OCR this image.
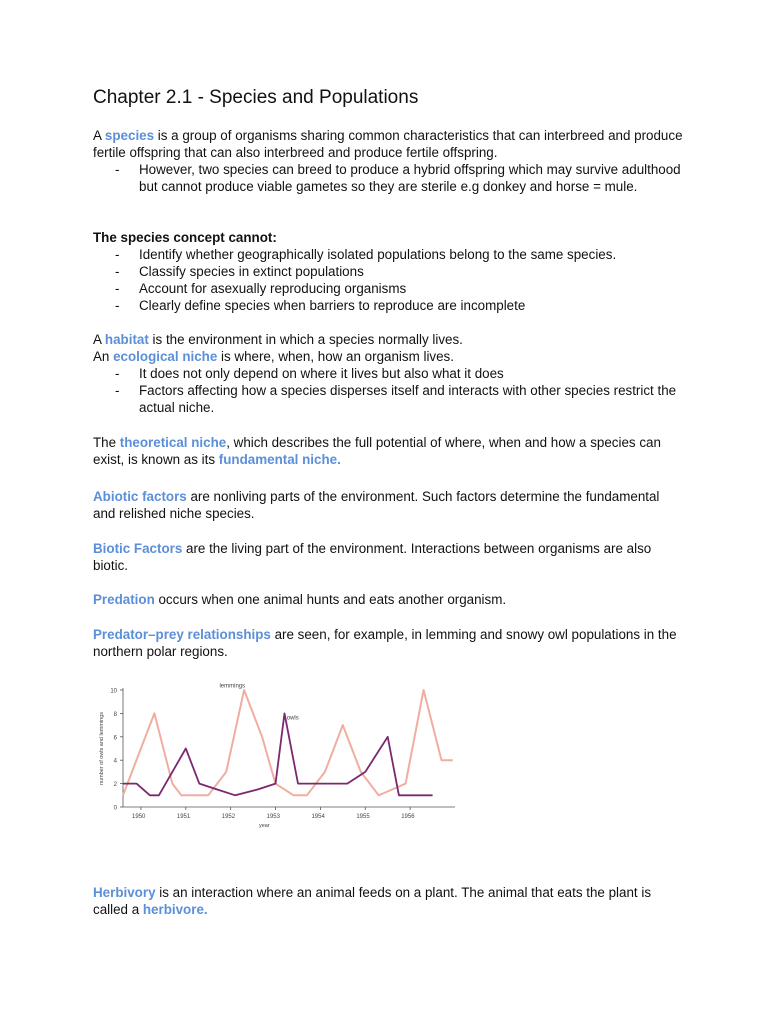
Chapter 2.1 - Species and Populations

A species is a group of organisms sharing common characteristics that can interbreed and produce fertile offspring that can also interbreed and produce fertile offspring.

- However, two species can breed to produce a hybrid offspring which may survive adulthood but cannot produce viable gametes so they are sterile e.g donkey and horse = mule.

The species concept cannot:

- Identify whether geographically isolated populations belong to the same species.
- Classify species in extinct populations
- Account for asexually reproducing organisms
- Clearly define species when barriers to reproduce are incomplete

A habitat is the environment in which a species normally lives.

An ecological niche is where, when, how an organism lives.

- It does not only depend on where it lives but also what it does
- Factors affecting how a species disperses itself and interacts with other species restrict the actual niche.

The theoretical niche, which describes the full potential of where, when and how a species can exist, is known as its fundamental niche.

Abiotic factors are nonliving parts of the environment. Such factors determine the fundamental and relished niche species.

Biotic Factors are the living part of the environment. Interactions between organisms are also biotic.

Predation occurs when one animal hunts and eats another organism.

Predator–prey relationships are seen, for example, in lemming and snowy owl populations in the northern polar regions.

0
2
4
6
8
10
1950	1951	1952	1953	1954	1955	1956
year
number of owls and lemmings
lemmings
owls

Herbivory is an interaction where an animal feeds on a plant. The animal that eats the plant is called a herbivore.
